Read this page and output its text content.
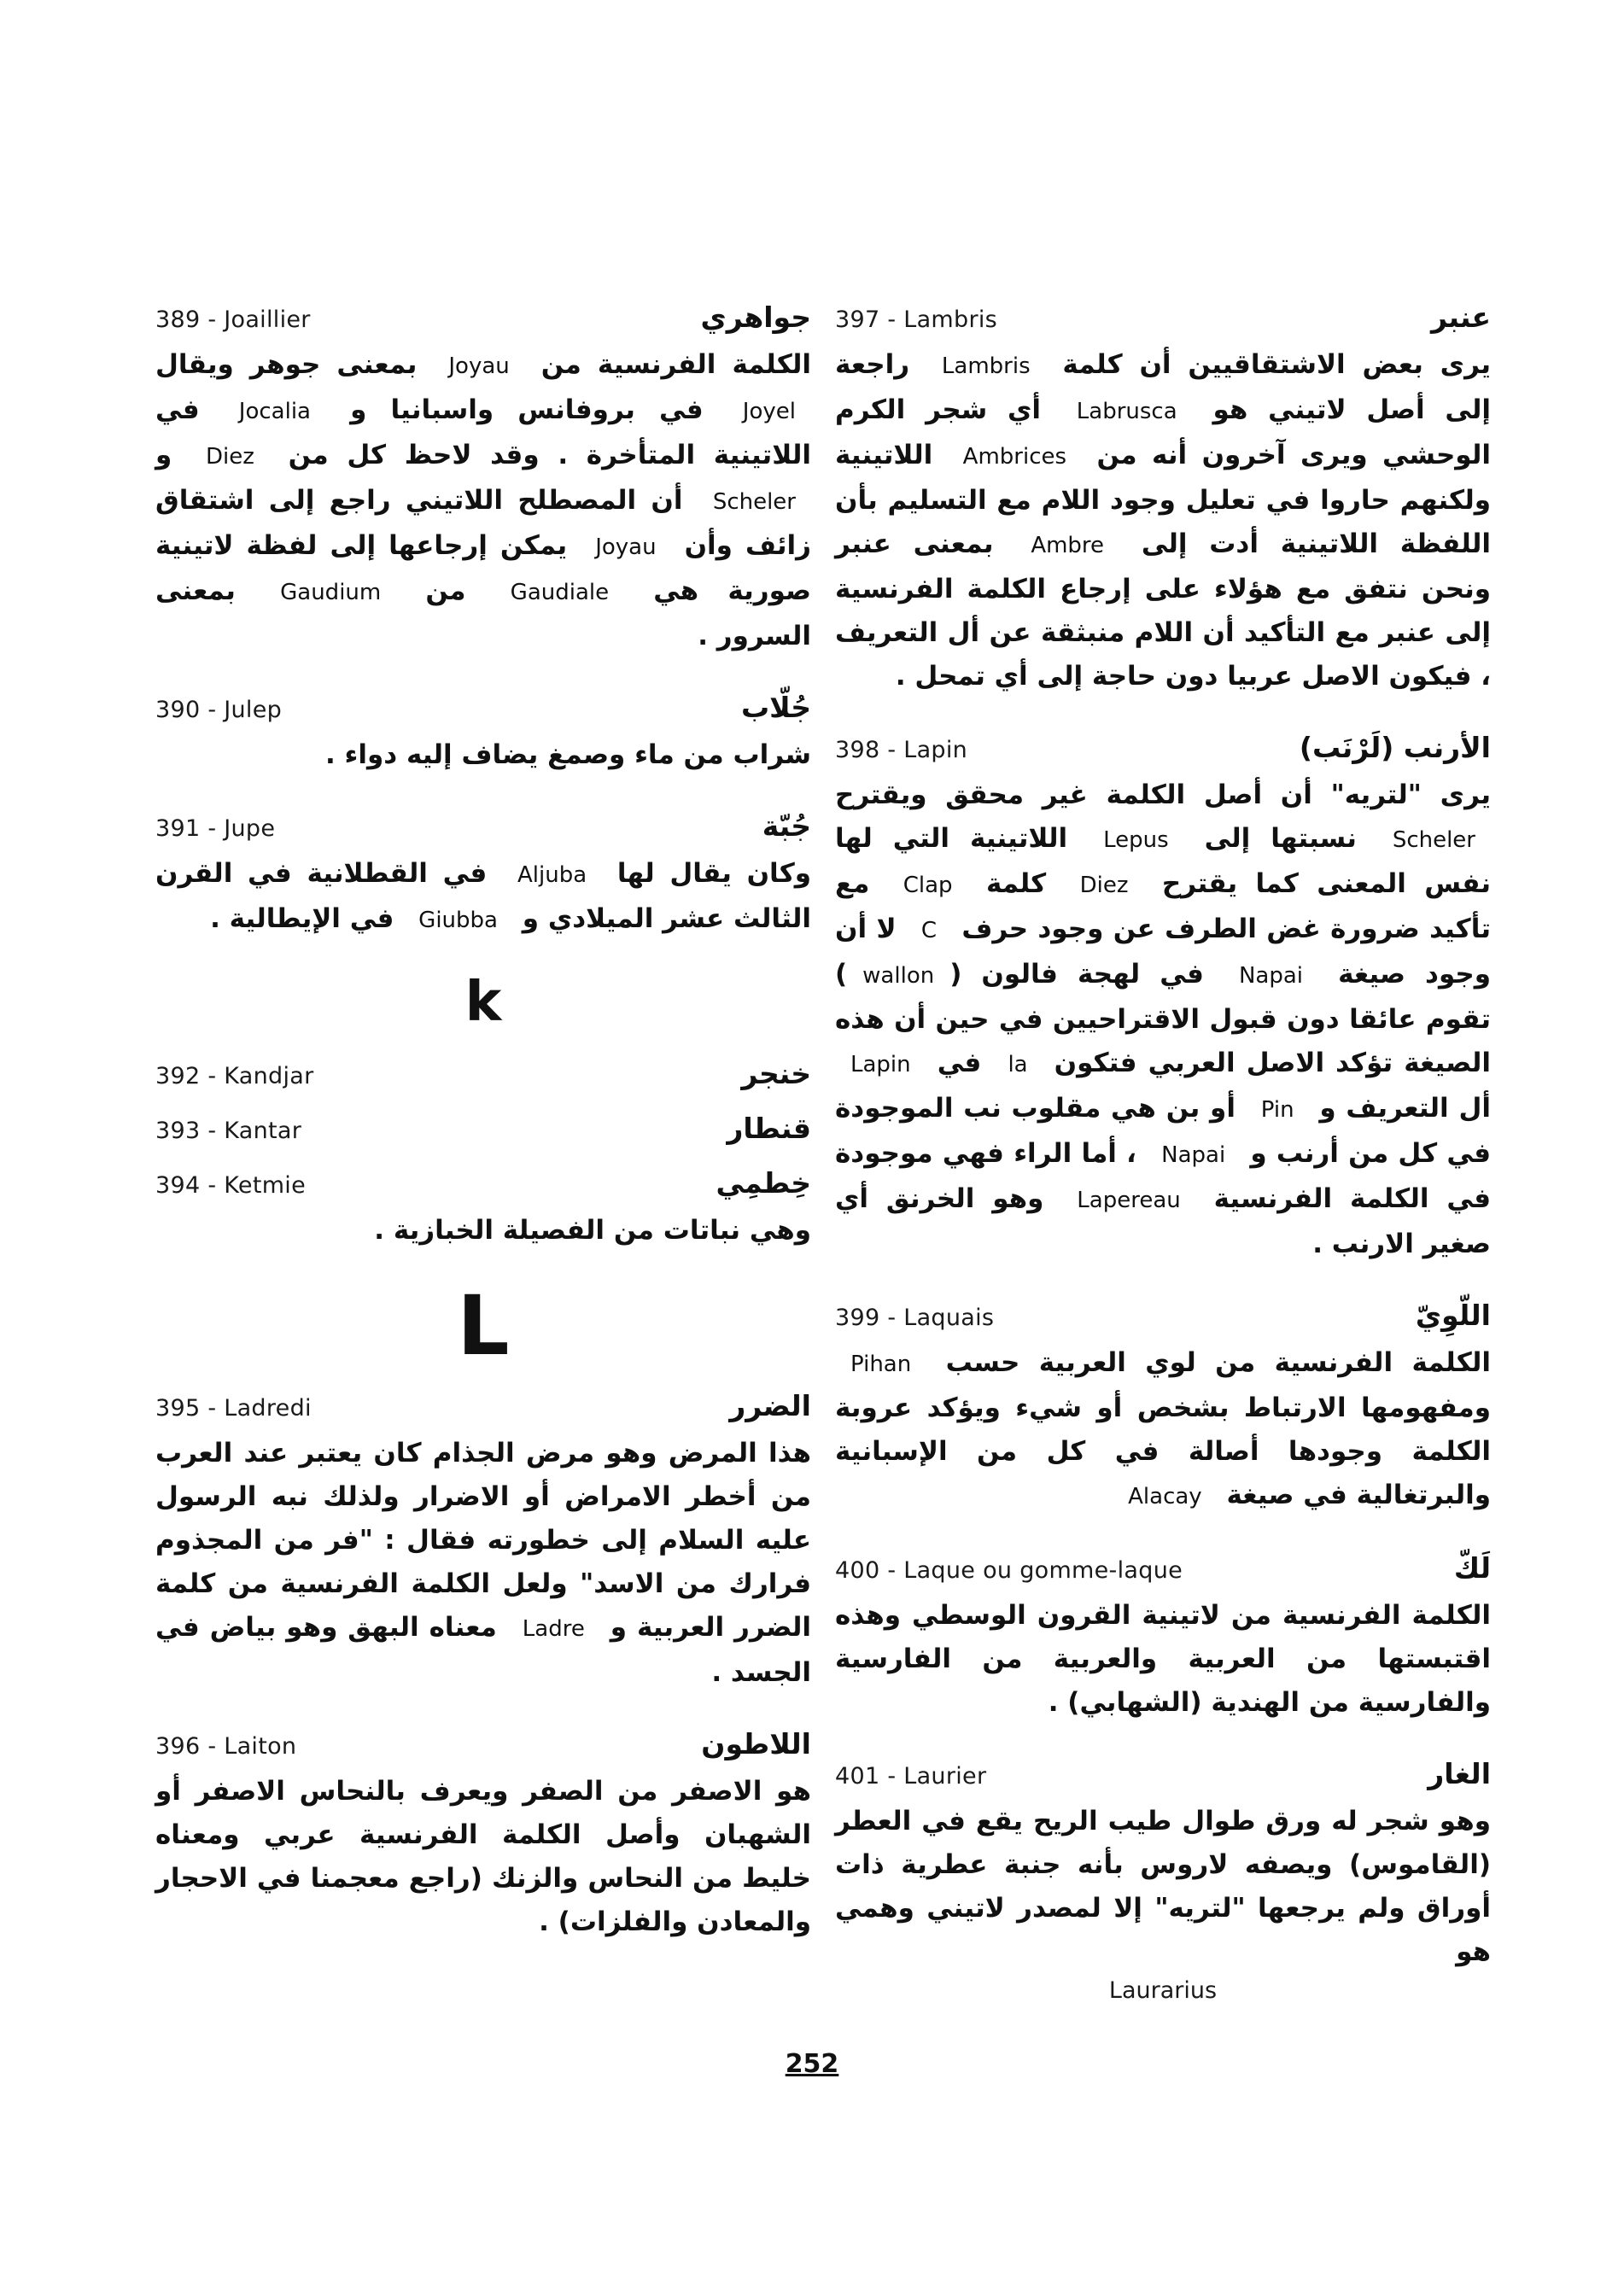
397 - Lambris	عنبر
يرى بعض الاشتقاقيين أن كلمة Lambris راجعة إلى أصل لاتيني هو Labrusca أي شجر الكرم الوحشي ويرى آخرون أنه من Ambrices اللاتينية ولكنهم حاروا في تعليل وجود اللام مع التسليم بأن اللفظة اللاتينية أدت إلى Ambre بمعنى عنبر ونحن نتفق مع هؤلاء على إرجاع الكلمة الفرنسية إلى عنبر مع التأكيد أن اللام منبثقة عن أل التعريف ، فيكون الاصل عربيا دون حاجة إلى أي تمحل .
398 - Lapin	الأرنب (لَرْنَب)
يرى "لتريه" أن أصل الكلمة غير محقق ويقترح Scheler نسبتها إلى Lepus اللاتينية التي لها نفس المعنى كما يقترح Diez كلمة Clap مع تأكيد ضرورة غض الطرف عن وجود حرف C لا أن وجود صيغة Napai في لهجة فالون (wallon) تقوم عائقا دون قبول الاقتراحيين في حين أن هذه الصيغة تؤكد الاصل العربي فتكون la في Lapin أل التعريف و Pin أو بن هي مقلوب نب الموجودة في كل من أرنب و Napai ، أما الراء فهي موجودة في الكلمة الفرنسية Lapereau وهو الخرنق أي صغير الارنب .
399 - Laquais	اللّوِيّ
الكلمة الفرنسية من لوي العربية حسب Pihan ومفهومها الارتباط بشخص أو شيء ويؤكد عروبة الكلمة وجودها أصالة في كل من الإسبانية والبرتغالية في صيغة Alacay
400 - Laque ou gomme-laque	لَكّ
الكلمة الفرنسية من لاتينية القرون الوسطي وهذه اقتبستها من العربية والعربية من الفارسية والفارسية من الهندية (الشهابي) .
401 - Laurier	الغار
وهو شجر له ورق طوال طيب الريح يقع في العطر (القاموس) ويصفه لاروس بأنه جنبة عطرية ذات أوراق ولم يرجعها "لتريه" إلا لمصدر لاتيني وهمي هو
Laurarius
389 - Joaillier	جواهري
الكلمة الفرنسية من Joyau بمعنى جوهر ويقال Joyel في بروفانس واسبانيا و Jocalia في اللاتينية المتأخرة . وقد لاحظ كل من Diez و Scheler أن المصطلح اللاتيني راجع إلى اشتقاق زائف وأن Joyau يمكن إرجاعها إلى لفظة لاتينية صورية هي Gaudiale من Gaudium بمعنى السرور .
390 - Julep	جُلّاب
شراب من ماء وصمغ يضاف إليه دواء .
391 - Jupe	جُبّة
وكان يقال لها Aljuba في القطلانية في القرن الثالث عشر الميلادي و Giubba في الإيطالية .
k
392 - Kandjar	خنجر
393 - Kantar	قنطار
394 - Ketmie	خِطمِي
وهي نباتات من الفصيلة الخبازية .
L
395 - Ladredi	الضرر
هذا المرض وهو مرض الجذام كان يعتبر عند العرب من أخطر الامراض أو الاضرار ولذلك نبه الرسول عليه السلام إلى خطورته فقال : "فر من المجذوم فرارك من الاسد" ولعل الكلمة الفرنسية من كلمة الضرر العربية و Ladre معناه البهق وهو بياض في الجسد .
396 - Laiton	اللاطون
هو الاصفر من الصفر ويعرف بالنحاس الاصفر أو الشهبان وأصل الكلمة الفرنسية عربي ومعناه خليط من النحاس والزنك (راجع معجمنا في الاحجار والمعادن والفلزات) .
252
